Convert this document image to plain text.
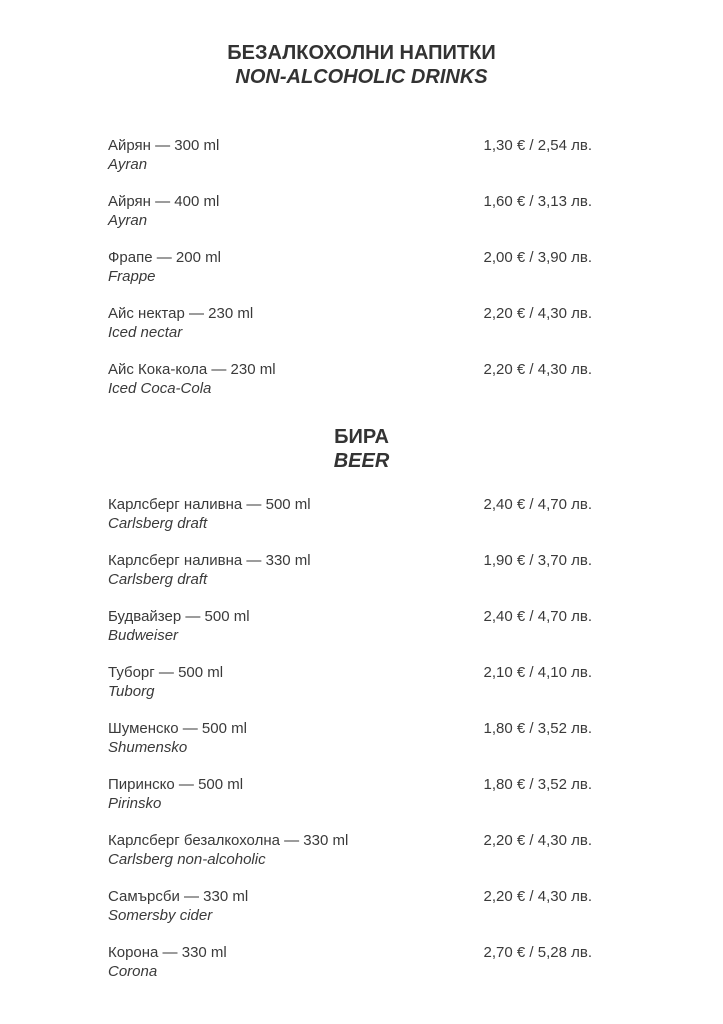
БЕЗАЛКОХОЛНИ НАПИТКИ
NON-ALCOHOLIC DRINKS
Айрян — 300 ml
Ayran
1,30 € / 2,54 лв.
Айрян — 400 ml
Ayran
1,60 € / 3,13 лв.
Фрапе — 200 ml
Frappe
2,00 € / 3,90 лв.
Айс нектар — 230 ml
Iced nectar
2,20 € / 4,30 лв.
Айс Кока-кола — 230 ml
Iced Coca-Cola
2,20 € / 4,30 лв.
БИРА
BEER
Карлсберг наливна — 500 ml
Carlsberg draft
2,40 € / 4,70 лв.
Карлсберг наливна — 330 ml
Carlsberg draft
1,90 € / 3,70 лв.
Будвайзер — 500 ml
Budweiser
2,40 € / 4,70 лв.
Туборг — 500 ml
Tuborg
2,10 € / 4,10 лв.
Шуменско — 500 ml
Shumensko
1,80 € / 3,52 лв.
Пиринско — 500 ml
Pirinsko
1,80 € / 3,52 лв.
Карлсберг безалкохолна — 330 ml
Carlsberg non-alcoholic
2,20 € / 4,30 лв.
Самърсби — 330 ml
Somersby cider
2,20 € / 4,30 лв.
Корона — 330 ml
Corona
2,70 € / 5,28 лв.
